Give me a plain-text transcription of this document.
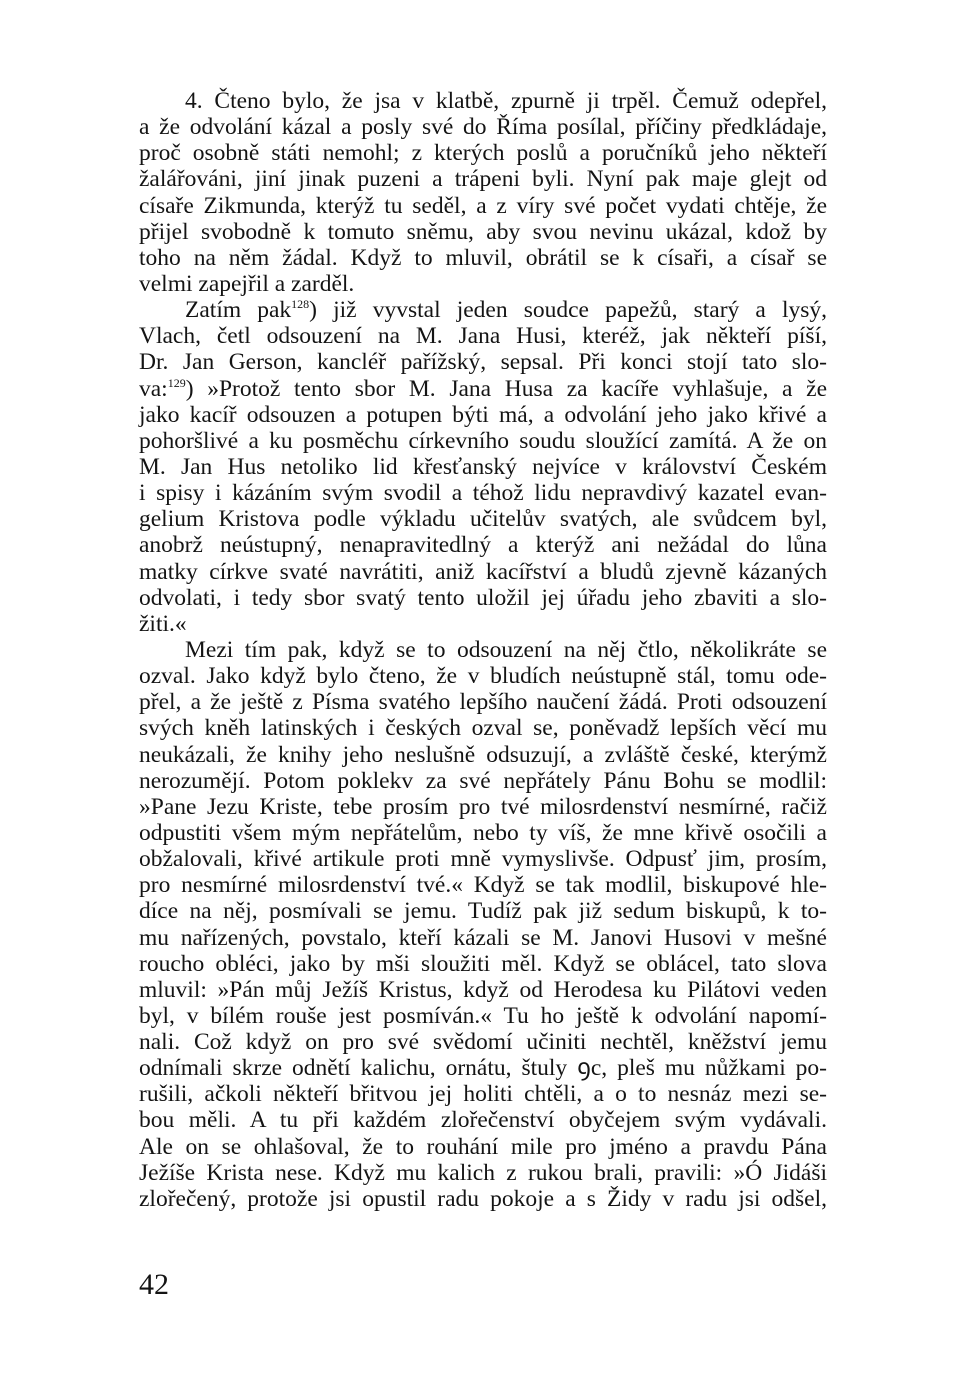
4. Čteno bylo, že jsa v klatbě, zpurně ji trpěl. Čemuž odepřel,
a že odvolání kázal a posly své do Říma posílal, příčiny předkládaje,
proč osobně státi nemohl; z kterých poslů a poručníků jeho někteří
žalářováni, jiní jinak puzeni a trápeni byli. Nyní pak maje glejt od
císaře Zikmunda, kterýž tu seděl, a z víry své počet vydati chtěje, že
přijel svobodně k tomuto sněmu, aby svou nevinu ukázal, kdož by
toho na něm žádal. Když to mluvil, obrátil se k císaři, a císař se
velmi zapejřil a zarděl.
Zatím pak$^{128}$) již vyvstal jeden soudce papežů, starý a lysý,
Vlach, četl odsouzení na M. Jana Husi, kteréž, jak někteří píší,
Dr. Jan Gerson, kancléř pařížský, sepsal. Při konci stojí tato slo-
va:$^{129}$) »Protož tento sbor M. Jana Husa za kacíře vyhlašuje, a že
jako kacíř odsouzen a potupen býti má, a odvolání jeho jako křivé a
pohoršlivé a ku posměchu církevního soudu sloužící zamítá. A že on
M. Jan Hus netoliko lid křesťanský nejvíce v království Českém
i spisy i kázáním svým svodil a téhož lidu nepravdivý kazatel evan-
gelium Kristova podle výkladu učitelův svatých, ale svůdcem byl,
anobrž neústupný, nenapravitedlný a kterýž ani nežádal do lůna
matky církve svaté navrátiti, aniž kacířství a bludů zjevně kázaných
odvolati, i tedy sbor svatý tento uložil jej úřadu jeho zbaviti a slo-
žiti.«
Mezi tím pak, když se to odsouzení na něj čtlo, několikráte se
ozval. Jako když bylo čteno, že v bludích neústupně stál, tomu ode-
přel, a že ještě z Písma svatého lepšího naučení žádá. Proti odsouzení
svých kněh latinských i českých ozval se, poněvadž lepších věcí mu
neukázali, že knihy jeho neslušně odsuzují, a zvláště české, kterýmž
nerozumějí. Potom poklekv za své nepřátely Pánu Bohu se modlil:
»Pane Jezu Kriste, tebe prosím pro tvé milosrdenství nesmírné, račiž
odpustiti všem mým nepřátelům, nebo ty víš, že mne křivě osočili a
obžalovali, křivé artikule proti mně vymyslivše. Odpusť jim, prosím,
pro nesmírné milosrdenství tvé.« Když se tak modlil, biskupové hle-
díce na něj, posmívali se jemu. Tudíž pak již sedum biskupů, k to-
mu nařízených, povstalo, kteří kázali se M. Janovi Husovi v mešné
roucho obléci, jako by mši sloužiti měl. Když se oblácel, tato slova
mluvil: »Pán můj Ježíš Kristus, když od Herodesa ku Pilátovi veden
byl, v bílém rouše jest posmíván.« Tu ho ještě k odvolání napomí-
nali. Což když on pro své svědomí učiniti nechtěl, kněžství jemu
odnímali skrze odnětí kalichu, ornátu, štuly ꝯc, pleš mu nůžkami po-
rušili, ačkoli někteří břitvou jej holiti chtěli, a o to nesnáz mezi se-
bou měli. A tu při každém zlořečenství obyčejem svým vydávali.
Ale on se ohlašoval, že to rouhání mile pro jméno a pravdu Pána
Ježíše Krista nese. Když mu kalich z rukou brali, pravili: »Ó Jidáši
zlořečený, protože jsi opustil radu pokoje a s Židy v radu jsi odšel,
42
